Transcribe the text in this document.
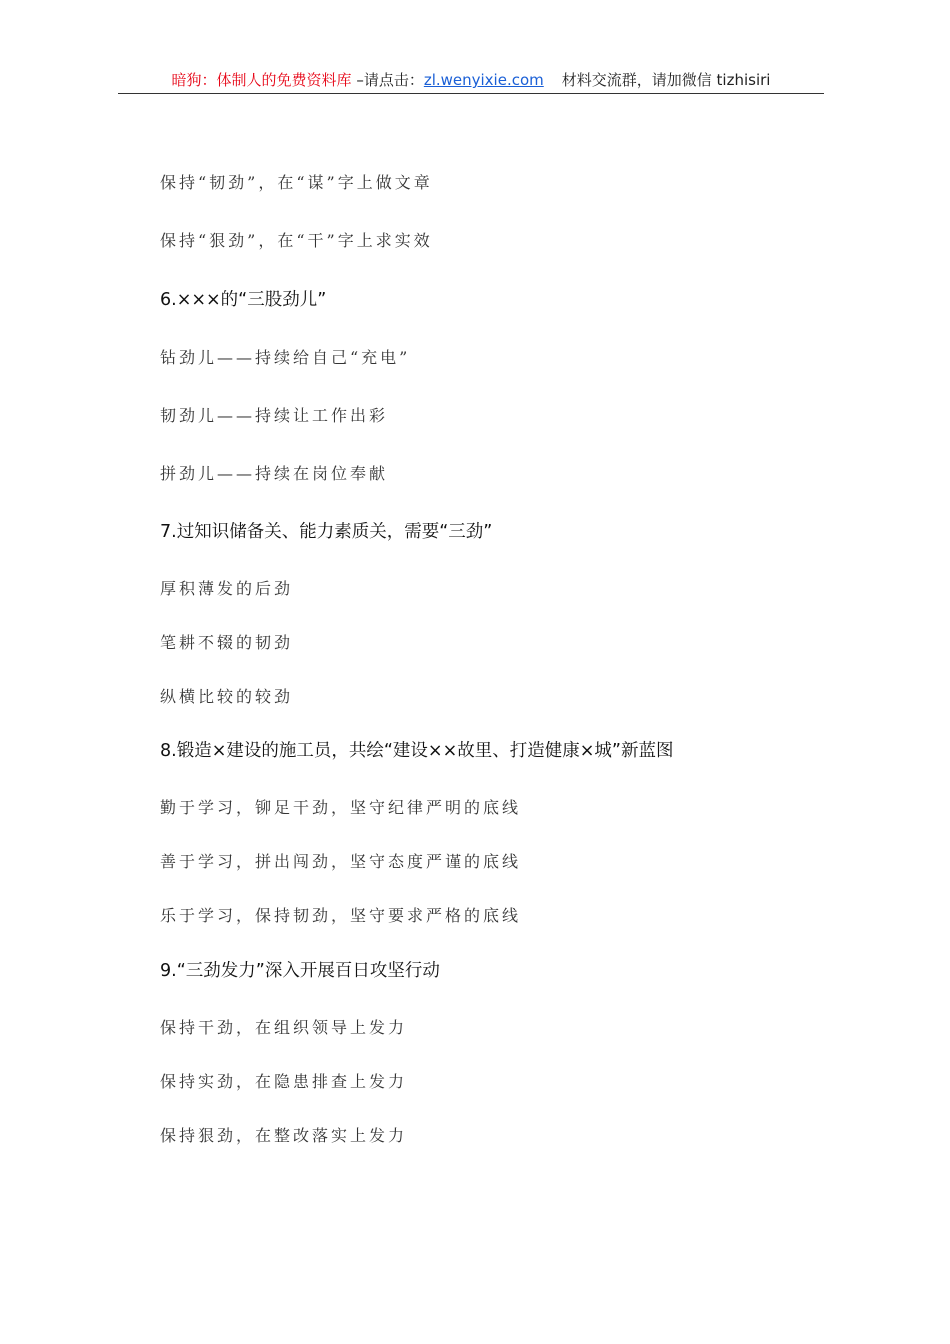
暗狗：体制人的免费资料库 –请点击：zl.wenyixie.com 材料交流群，请加微信 tizhisiri
保持“韧劲”，在“谋”字上做文章
保持“狠劲”，在“干”字上求实效
6.×××的“三股劲儿”
钻劲儿——持续给自己“充电”
韧劲儿——持续让工作出彩
拼劲儿——持续在岗位奉献
7.过知识储备关、能力素质关，需要“三劲”
厚积薄发的后劲
笔耕不辍的韧劲
纵横比较的较劲
8.锻造×建设的施工员，共绘“建设××故里、打造健康×城”新蓝图
勤于学习，铆足干劲，坚守纪律严明的底线
善于学习，拼出闯劲，坚守态度严谨的底线
乐于学习，保持韧劲，坚守要求严格的底线
9.“三劲发力”深入开展百日攻坚行动
保持干劲，在组织领导上发力
保持实劲，在隐患排查上发力
保持狠劲，在整改落实上发力
